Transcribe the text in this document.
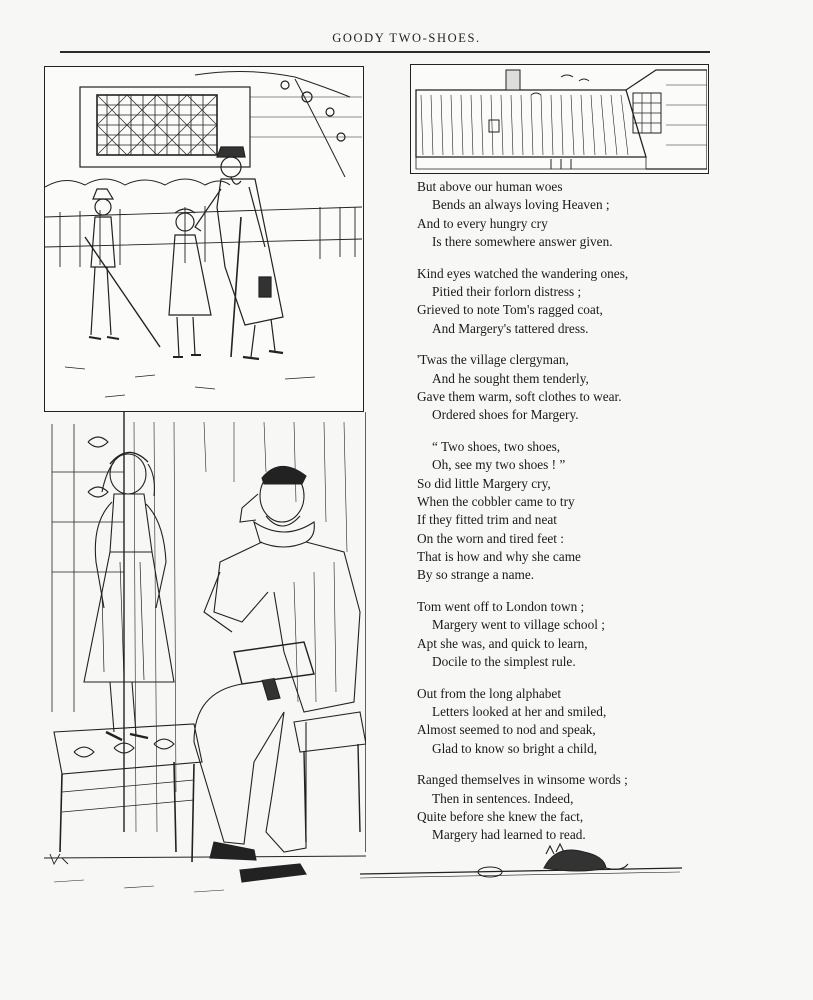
GOODY TWO-SHOES.
But above our human woes
Bends an always loving Heaven ;
And to every hungry cry
Is there somewhere answer given.
Kind eyes watched the wandering ones,
Pitied their forlorn distress ;
Grieved to note Tom's ragged coat,
And Margery's tattered dress.
'Twas the village clergyman,
And he sought them tenderly,
Gave them warm, soft clothes to wear.
Ordered shoes for Margery.
“ Two shoes, two shoes,
Oh, see my two shoes ! ”
So did little Margery cry,
When the cobbler came to try
If they fitted trim and neat
On the worn and tired feet :
That is how and why she came
By so strange a name.
Tom went off to London town ;
Margery went to village school ;
Apt she was, and quick to learn,
Docile to the simplest rule.
Out from the long alphabet
Letters looked at her and smiled,
Almost seemed to nod and speak,
Glad to know so bright a child,
Ranged themselves in winsome words ;
Then in sentences. Indeed,
Quite before she knew the fact,
Margery had learned to read.
